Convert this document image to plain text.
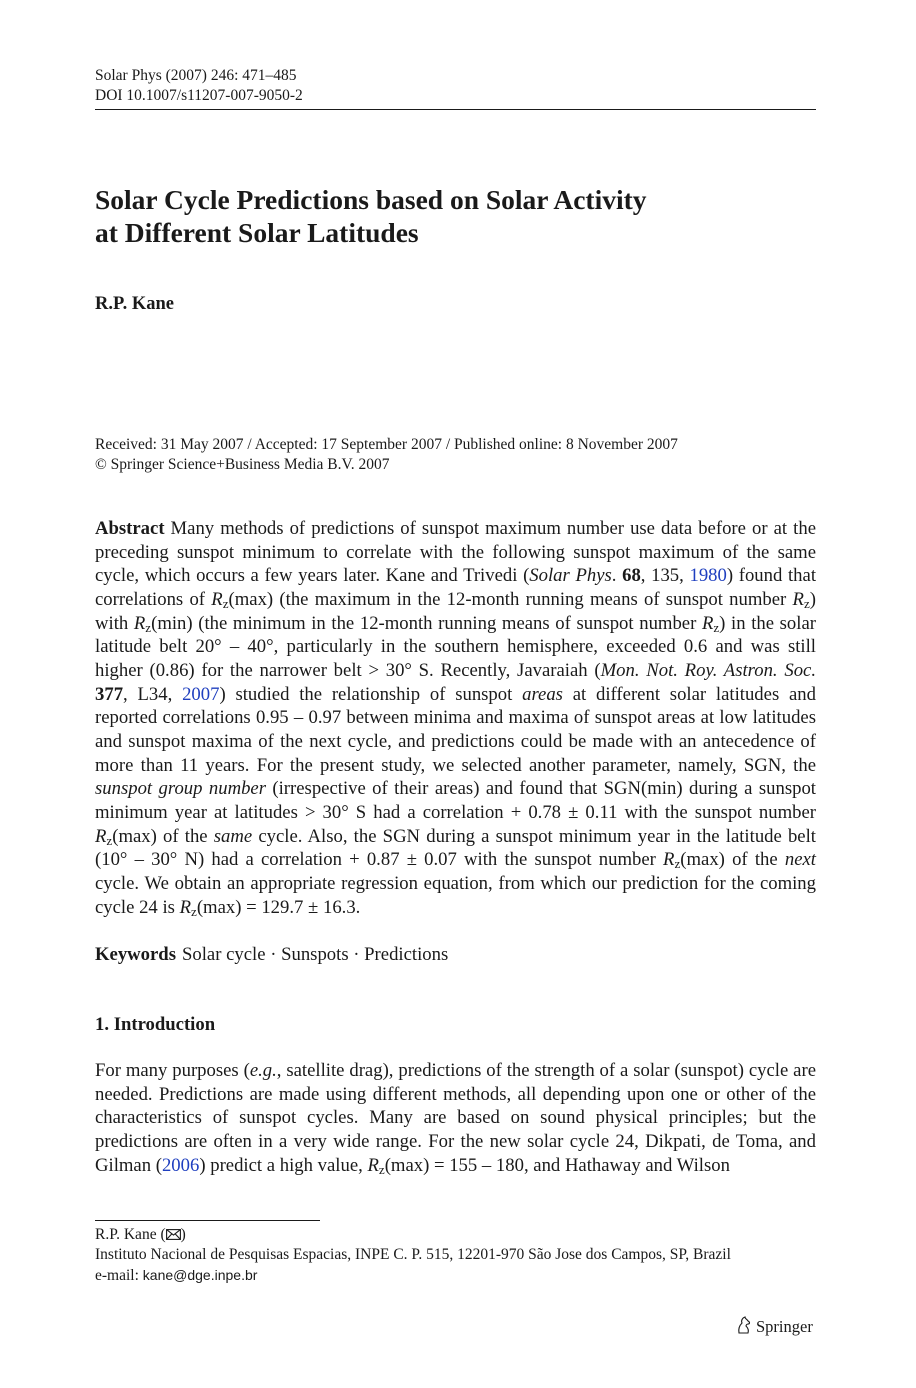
Solar Phys (2007) 246: 471–485
DOI 10.1007/s11207-007-9050-2
Solar Cycle Predictions based on Solar Activity
at Different Solar Latitudes
R.P. Kane
Received: 31 May 2007 / Accepted: 17 September 2007 / Published online: 8 November 2007
© Springer Science+Business Media B.V. 2007
Abstract Many methods of predictions of sunspot maximum number use data before or at the preceding sunspot minimum to correlate with the following sunspot maximum of the same cycle, which occurs a few years later. Kane and Trivedi (Solar Phys. 68, 135, 1980) found that correlations of $R_z(\max)$ (the maximum in the 12-month running means of sunspot number $R_z$) with $R_z(\min)$ (the minimum in the 12-month running means of sunspot number $R_z$) in the solar latitude belt 20° – 40°, particularly in the southern hemisphere, exceeded 0.6 and was still higher (0.86) for the narrower belt > 30° S. Recently, Javaraiah (Mon. Not. Roy. Astron. Soc. 377, L34, 2007) studied the relationship of sunspot areas at different solar latitudes and reported correlations 0.95 – 0.97 between minima and maxima of sunspot areas at low latitudes and sunspot maxima of the next cycle, and predictions could be made with an antecedence of more than 11 years. For the present study, we selected another parameter, namely, SGN, the sunspot group number (irrespective of their areas) and found that SGN(min) during a sunspot minimum year at latitudes > 30° S had a correlation + 0.78 ± 0.11 with the sunspot number $R_z(\max)$ of the same cycle. Also, the SGN during a sunspot minimum year in the latitude belt (10° – 30° N) had a correlation + 0.87 ± 0.07 with the sunspot number $R_z(\max)$ of the next cycle. We obtain an appropriate regression equation, from which our prediction for the coming cycle 24 is $R_z(\max) = 129.7 \pm 16.3$.
Keywords Solar cycle · Sunspots · Predictions
1. Introduction
For many purposes (e.g., satellite drag), predictions of the strength of a solar (sunspot) cycle are needed. Predictions are made using different methods, all depending upon one or other of the characteristics of sunspot cycles. Many are based on sound physical principles; but the predictions are often in a very wide range. For the new solar cycle 24, Dikpati, de Toma, and Gilman (2006) predict a high value, $R_z(\max) = 155 - 180$, and Hathaway and Wilson
R.P. Kane ( )
Instituto Nacional de Pesquisas Espacias, INPE C. P. 515, 12201-970 São Jose dos Campos, SP, Brazil
e-mail: kane@dge.inpe.br
Springer
